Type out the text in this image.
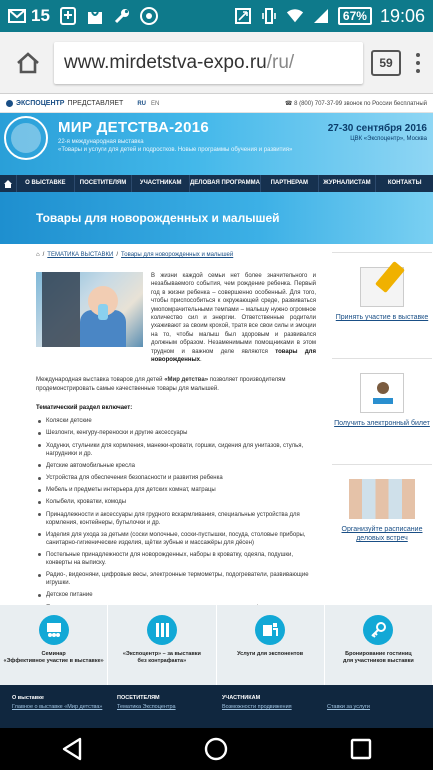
15	67% 19:06
www.mirdetstva-expo.ru /ru/	59
ЭКСПОЦЕНТР ПРЕДСТАВЛЯЕТ RU EN	☎ 8 (800) 707-37-99 звонок по России бесплатный
МИР ДЕТСТВА-2016
22-я международная выставка
«Товары и услуги для детей и подростков. Новые программы обучения и развития»
27-30 сентября 2016
ЦВК «Экспоцентр», Москва
О ВЫСТАВКЕ	ПОСЕТИТЕЛЯМ	УЧАСТНИКАМ	ДЕЛОВАЯ ПРОГРАММА	ПАРТНЕРАМ	ЖУРНАЛИСТАМ	КОНТАКТЫ
Товары для новорожденных и малышей
⌂ / ТЕМАТИКА ВЫСТАВКИ / Товары для новорожденных и малышей
В жизни каждой семьи нет более значительного и незабываемого события, чем рождение ребенка. Первый год в жизни ребенка – совершенно особенный. Для того, чтобы приспособиться к окружающей среде, развиваться умопомрачительными темпами – малышу нужно огромное количество сил и энергии. Ответственные родители ухаживают за своим крохой, тратя все свои силы и эмоции на то, чтобы малыш был здоровым и развивался должным образом. Незаменимыми помощниками в этом трудном и важном деле являются товары для новорожденных.
Международная выставка товаров для детей «Мир детства» позволяет производителям продемонстрировать самые качественные товары для малышей.
Тематический раздел включает:
Коляски детские
Шезлонги, кенгуру-переноски и другие аксессуары
Ходунки, стульчики для кормления, манежи-кровати, горшки, сидения для унитазов, стулья, нагрудники и др.
Детские автомобильные кресла
Устройства для обеспечения безопасности и развития ребенка
Мебель и предметы интерьера для детских комнат, матрацы
Колыбели, кроватки, комоды
Принадлежности и аксессуары для грудного вскармливания, специальные устройства для кормления, контейнеры, бутылочки и др.
Изделия для ухода за детьми (соски молочные, соски-пустышки, посуда, столовые приборы, санитарно-гигиенические изделия, щётки зубные и массажёры для дёсен)
Постельные принадлежности для новорожденных, наборы в кроватку, одеяла, подушки, конверты на выписку.
Радио-, видеоняни, цифровые весы, электронные термометры, подогреватели, развивающие игрушки.
Детское питание
Принять участие в выставке
Получить электронный билет
Организуйте расписание деловых встреч
Семинар
«Эффективное участие в выставке»
«Экспоцентр» – за выставки
без контрафакта»
Услуги для экспонентов	Бронирование гостиниц
для участников выставки
О выставке
Главное о выставке «Мир детства»
ПОСЕТИТЕЛЯМ
Тематика Экспоцентра
УЧАСТНИКАМ
Возможности продвижения
	Ставки за услуги
